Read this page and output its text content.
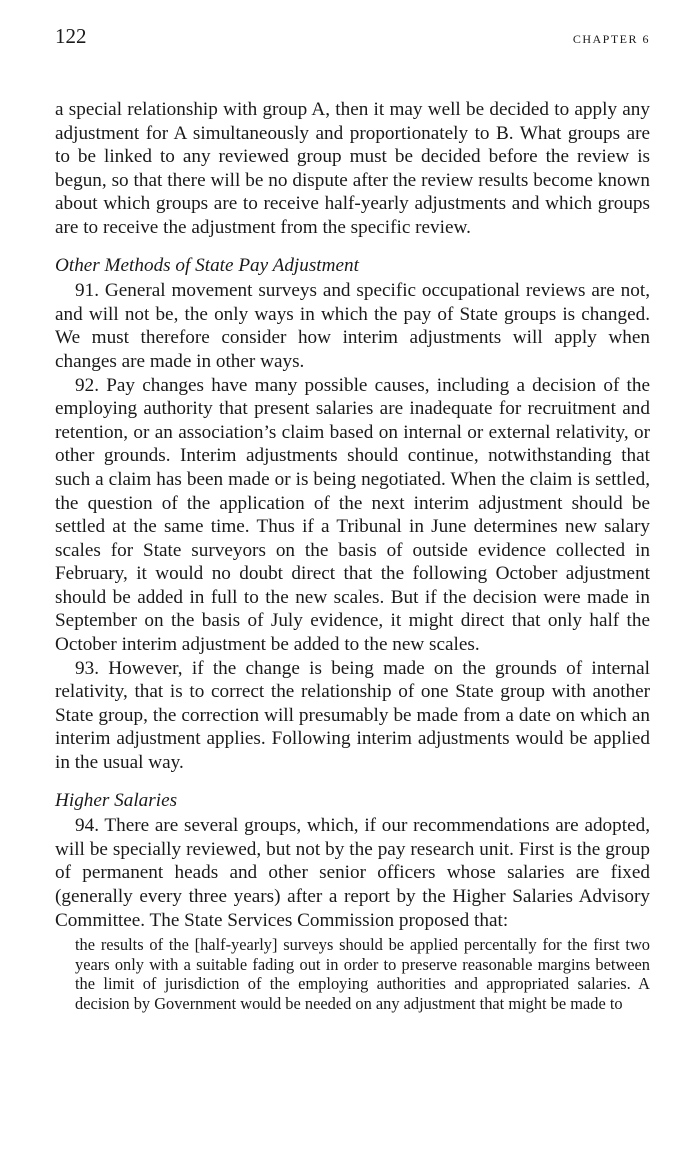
122	CHAPTER 6

a special relationship with group A, then it may well be decided to apply any adjustment for A simultaneously and proportionately to B. What groups are to be linked to any reviewed group must be decided before the review is begun, so that there will be no dispute after the review results become known about which groups are to receive half-yearly adjustments and which groups are to receive the adjustment from the specific review.

Other Methods of State Pay Adjustment

91. General movement surveys and specific occupational reviews are not, and will not be, the only ways in which the pay of State groups is changed. We must therefore consider how interim adjustments will apply when changes are made in other ways.

92. Pay changes have many possible causes, including a decision of the employing authority that present salaries are inadequate for recruitment and retention, or an association’s claim based on internal or external relativity, or other grounds. Interim adjustments should continue, notwithstanding that such a claim has been made or is being negotiated. When the claim is settled, the question of the application of the next interim adjustment should be settled at the same time. Thus if a Tribunal in June determines new salary scales for State surveyors on the basis of outside evidence collected in February, it would no doubt direct that the following October adjustment should be added in full to the new scales. But if the decision were made in September on the basis of July evidence, it might direct that only half the October interim adjustment be added to the new scales.

93. However, if the change is being made on the grounds of internal relativity, that is to correct the relationship of one State group with another State group, the correction will presumably be made from a date on which an interim adjustment applies. Following interim adjustments would be applied in the usual way.

Higher Salaries

94. There are several groups, which, if our recommendations are adopted, will be specially reviewed, but not by the pay research unit. First is the group of permanent heads and other senior officers whose salaries are fixed (generally every three years) after a report by the Higher Salaries Advisory Committee. The State Services Commission proposed that:

the results of the [half-yearly] surveys should be applied percentally for the first two years only with a suitable fading out in order to preserve reasonable margins between the limit of jurisdiction of the employing authorities and appropriated salaries. A decision by Government would be needed on any adjustment that might be made to
